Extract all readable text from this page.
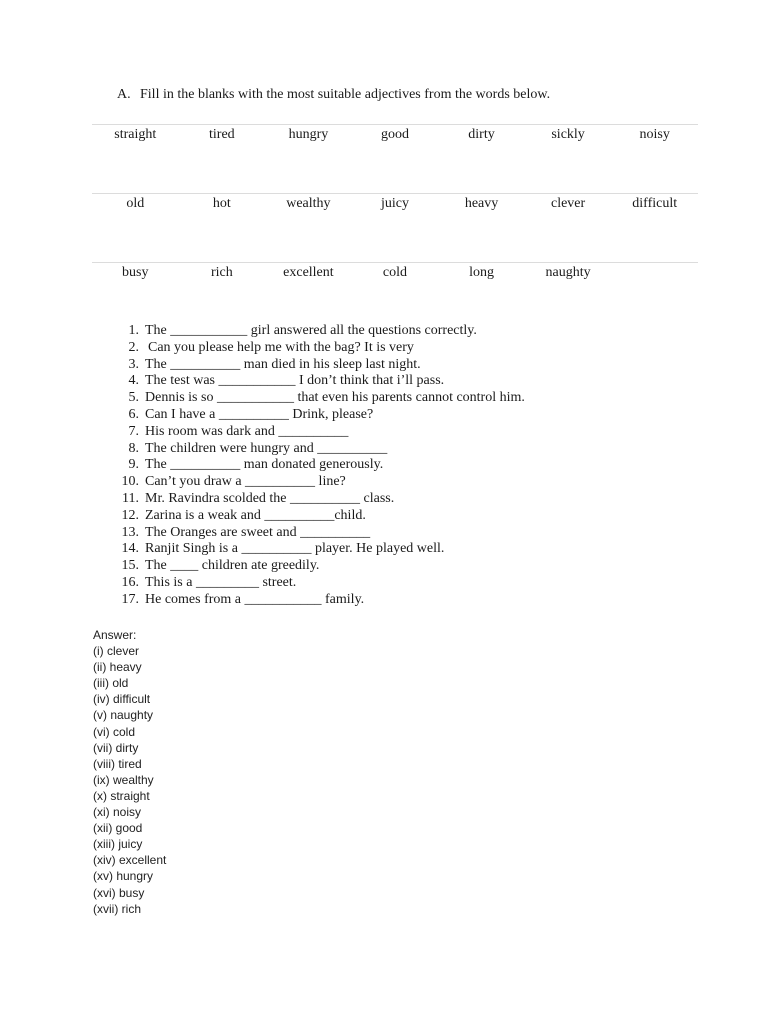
A. Fill in the blanks with the most suitable adjectives from the words below.
straight	tired	hungry	good	dirty	sickly	noisy
old	hot	wealthy	juicy	heavy	clever	difficult
busy	rich	excellent	cold	long	naughty	
1. The ___________ girl answered all the questions correctly.
2. Can you please help me with the bag? It is very
3. The __________ man died in his sleep last night.
4. The test was ___________ I don’t think that i’ll pass.
5. Dennis is so ___________ that even his parents cannot control him.
6. Can I have a __________ Drink, please?
7. His room was dark and __________
8. The children were hungry and __________
9. The __________ man donated generously.
10. Can’t you draw a __________ line?
11. Mr. Ravindra scolded the __________ class.
12. Zarina is a weak and __________child.
13. The Oranges are sweet and __________
14. Ranjit Singh is a __________ player. He played well.
15. The ____ children ate greedily.
16. This is a _________ street.
17. He comes from a ___________ family.
Answer:
(i) clever
(ii) heavy
(iii) old
(iv) difficult
(v) naughty
(vi) cold
(vii) dirty
(viii) tired
(ix) wealthy
(x) straight
(xi) noisy
(xii) good
(xiii) juicy
(xiv) excellent
(xv) hungry
(xvi) busy
(xvii) rich
